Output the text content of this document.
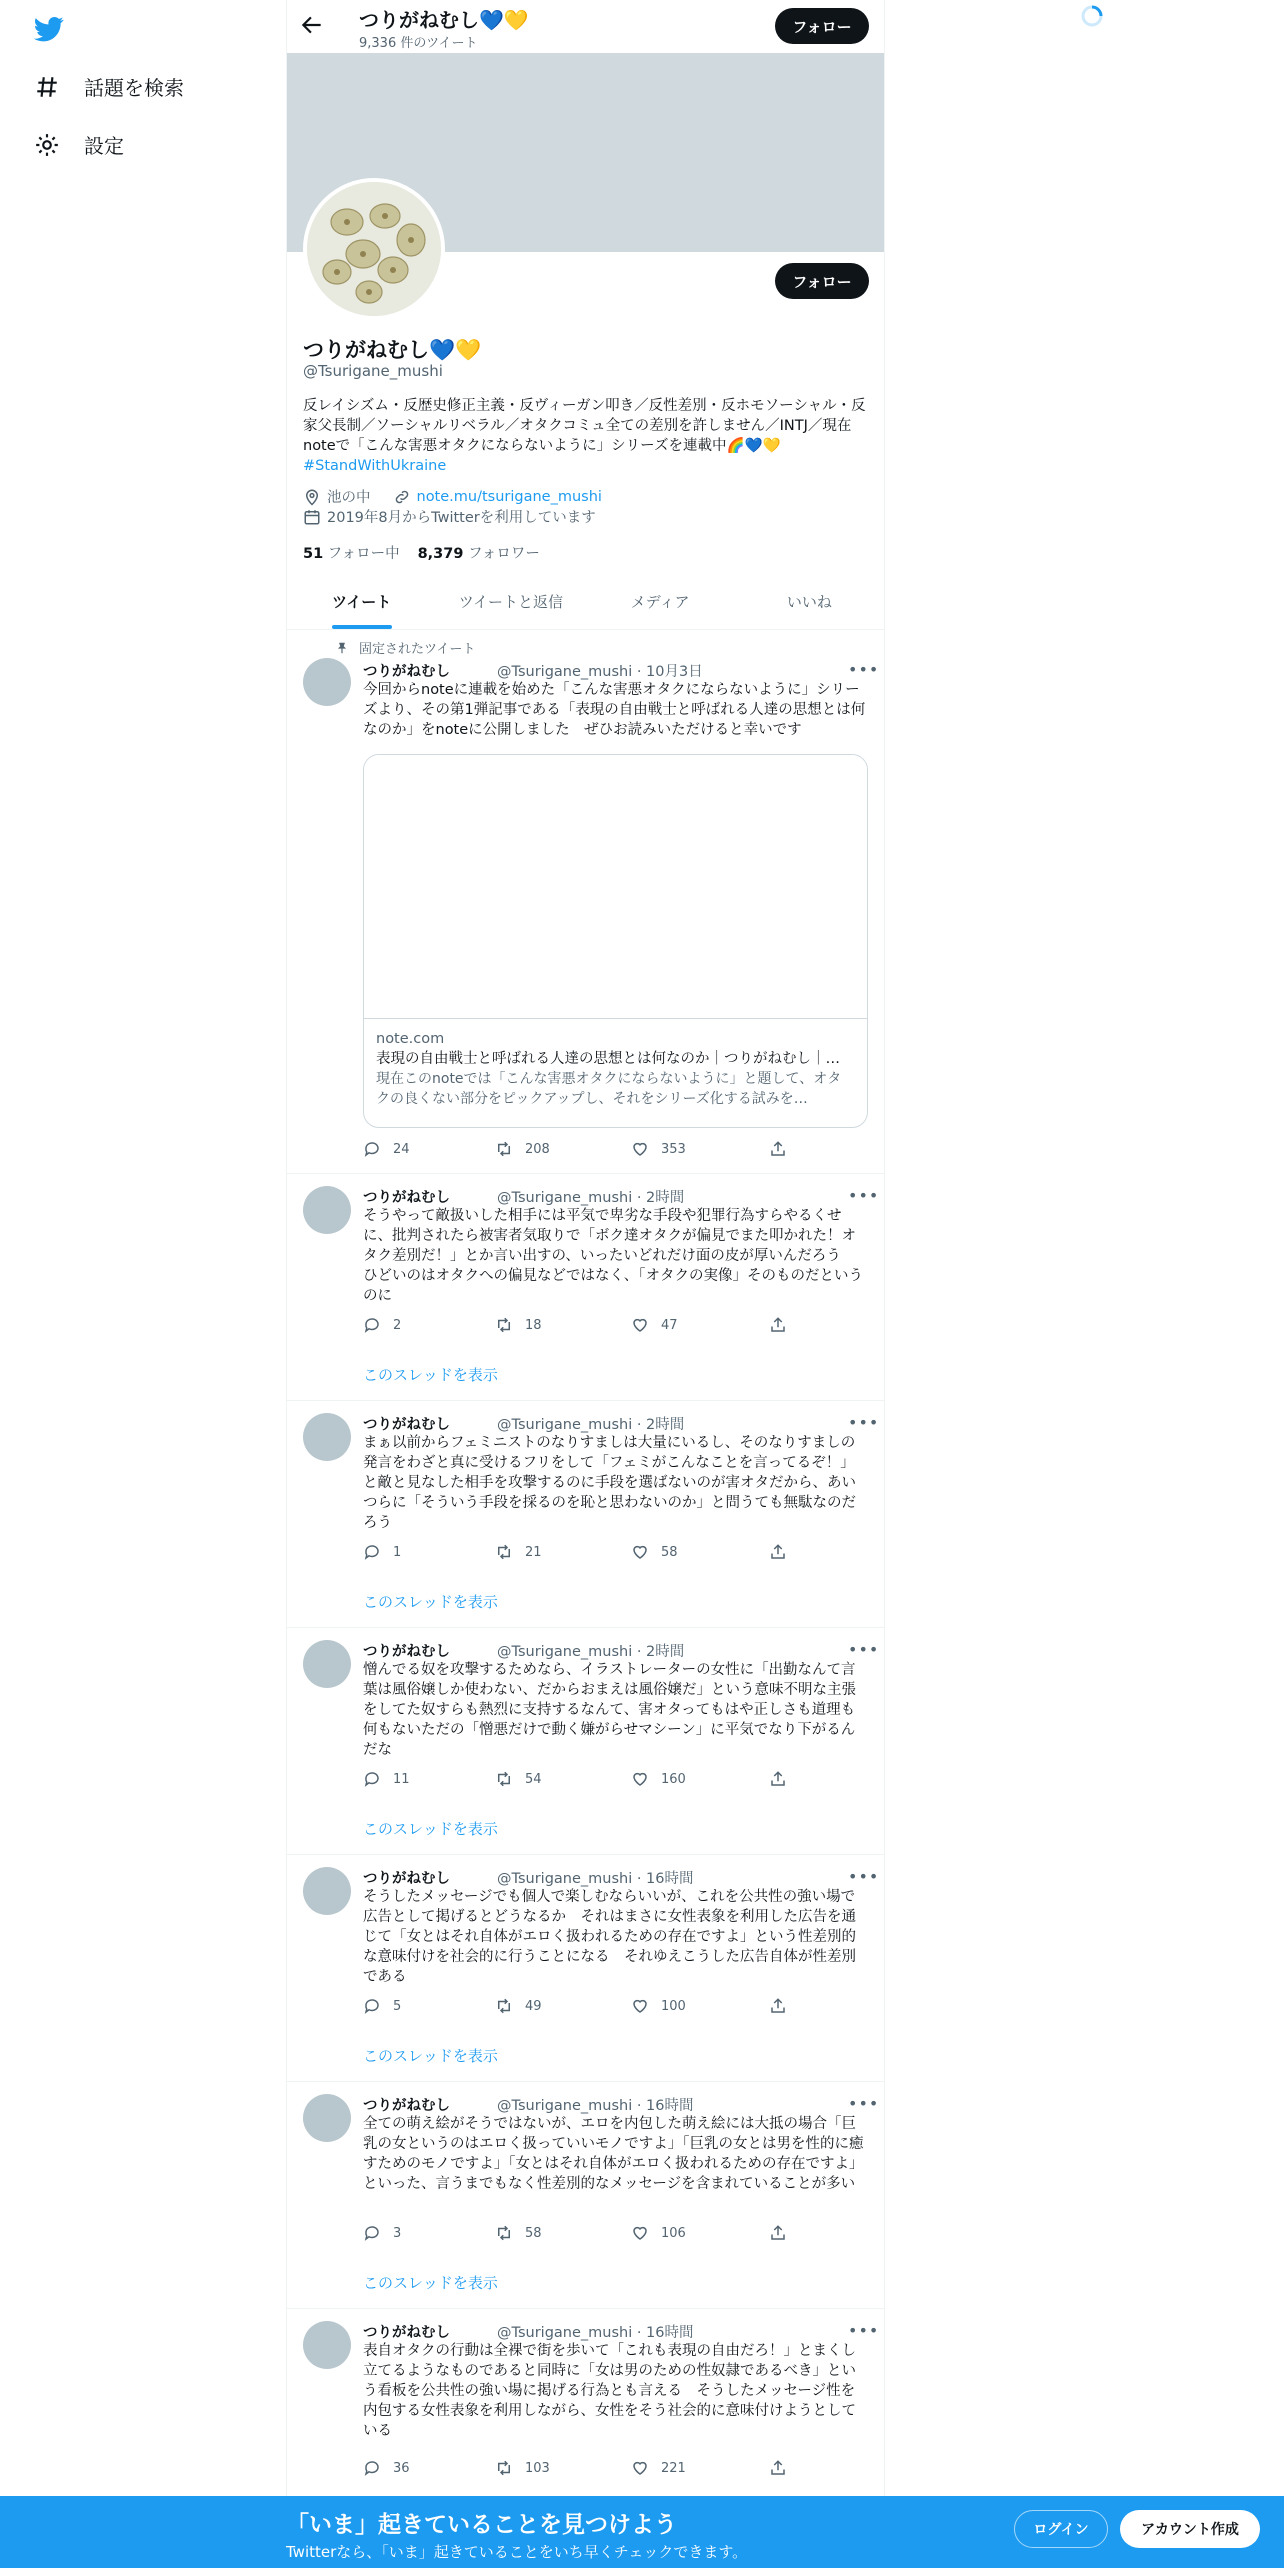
話題を検索
設定
つりがねむし💙💛
9,336 件のツイート
フォロー
フォロー
つりがねむし💙💛
@Tsurigane_mushi
反レイシズム・反歴史修正主義・反ヴィーガン叩き／反性差別・反ホモソーシャル・反家父長制／ソーシャルリベラル／オタクコミュ全ての差別を許しません／INTJ／現在noteで「こんな害悪オタクにならないように」シリーズを連載中🌈💙💛 #StandWithUkraine
池の中	note.mu/tsurigane_mushi
2019年8月からTwitterを利用しています
51 フォロー中 8,379 フォロワー
ツイート	ツイートと返信	メディア	いいね
固定されたツイート
つりがねむし	@Tsurigane_mushi · 10月3日	•••
今回からnoteに連載を始めた「こんな害悪オタクにならないように」シリーズより、その第1弾記事である「表現の自由戦士と呼ばれる人達の思想とは何なのか」をnoteに公開しました　ぜひお読みいただけると幸いです
note.com
表現の自由戦士と呼ばれる人達の思想とは何なのか｜つりがねむし｜…
現在このnoteでは「こんな害悪オタクにならないように」と題して、オタクの良くない部分をピックアップし、それをシリーズ化する試みを…
24	208	353
つりがねむし	@Tsurigane_mushi · 2時間	•••
そうやって敵扱いした相手には平気で卑劣な手段や犯罪行為すらやるくせに、批判されたら被害者気取りで「ボク達オタクが偏見でまた叩かれた！オタク差別だ！」とか言い出すの、いったいどれだけ面の皮が厚いんだろう　ひどいのはオタクへの偏見などではなく、「オタクの実像」そのものだというのに
2	18	47
このスレッドを表示
つりがねむし	@Tsurigane_mushi · 2時間	•••
まぁ以前からフェミニストのなりすましは大量にいるし、そのなりすましの発言をわざと真に受けるフリをして「フェミがこんなことを言ってるぞ！」と敵と見なした相手を攻撃するのに手段を選ばないのが害オタだから、あいつらに「そういう手段を採るのを恥と思わないのか」と問うても無駄なのだろう
1	21	58
このスレッドを表示
つりがねむし	@Tsurigane_mushi · 2時間	•••
憎んでる奴を攻撃するためなら、イラストレーターの女性に「出勤なんて言葉は風俗嬢しか使わない、だからおまえは風俗嬢だ」という意味不明な主張をしてた奴すらも熱烈に支持するなんて、害オタってもはや正しさも道理も何もないただの「憎悪だけで動く嫌がらせマシーン」に平気でなり下がるんだな
11	54	160
このスレッドを表示
つりがねむし	@Tsurigane_mushi · 16時間	•••
そうしたメッセージでも個人で楽しむならいいが、これを公共性の強い場で広告として掲げるとどうなるか　それはまさに女性表象を利用した広告を通じて「女とはそれ自体がエロく扱われるための存在ですよ」という性差別的な意味付けを社会的に行うことになる　それゆえこうした広告自体が性差別である
5	49	100
このスレッドを表示
つりがねむし	@Tsurigane_mushi · 16時間	•••
全ての萌え絵がそうではないが、エロを内包した萌え絵には大抵の場合「巨乳の女というのはエロく扱っていいモノですよ」「巨乳の女とは男を性的に癒すためのモノですよ」「女とはそれ自体がエロく扱われるための存在ですよ」といった、言うまでもなく性差別的なメッセージを含まれていることが多い
3	58	106
このスレッドを表示
つりがねむし	@Tsurigane_mushi · 16時間	•••
表自オタクの行動は全裸で街を歩いて「これも表現の自由だろ！」とまくし立てるようなものであると同時に「女は男のための性奴隷であるべき」という看板を公共性の強い場に掲げる行為とも言える　そうしたメッセージ性を内包する女性表象を利用しながら、女性をそう社会的に意味付けようとしている
36	103	221
「いま」起きていることを見つけよう
Twitterなら、「いま」起きていることをいち早くチェックできます。
ログイン	アカウント作成
